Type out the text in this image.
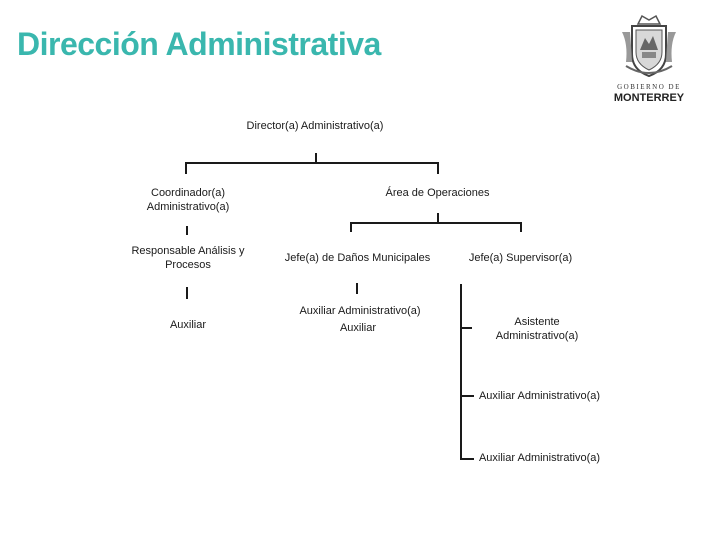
Dirección Administrativa
GOBIERNO DE
MONTERREY
Director(a) Administrativo(a)
Coordinador(a) Administrativo(a)
Área de Operaciones
Responsable Análisis y Procesos
Jefe(a) de Daños Municipales	Jefe(a) Supervisor(a)
Auxiliar Administrativo(a)
Auxiliar	Auxiliar	Asistente Administrativo(a)
Auxiliar Administrativo(a)
Auxiliar Administrativo(a)
